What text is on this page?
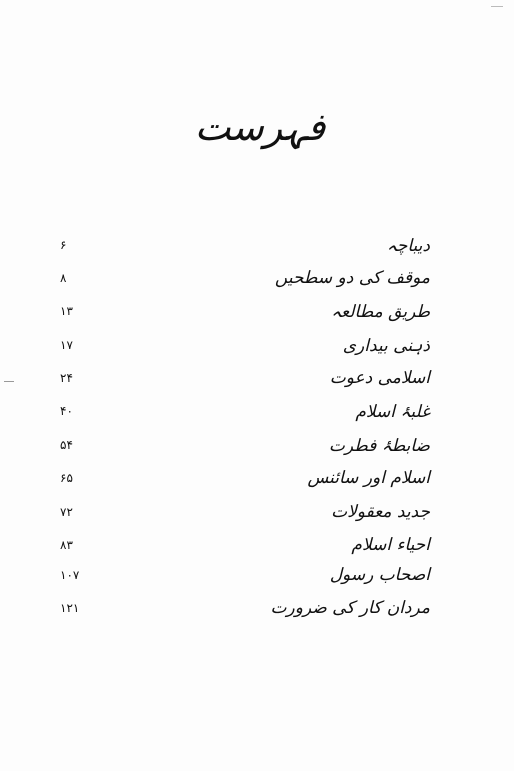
فہرست
۶	دیباچہ
۸	موقف کی دو سطحیں
۱۳	طریق مطالعہ
۱۷	ذہنی بیداری
۲۴	اسلامی دعوت
۴۰	غلبۂ اسلام
۵۴	ضابطۂ فطرت
۶۵	اسلام اور سائنس
۷۲	جدید معقولات
۸۳	احیاء اسلام
۱۰۷	اصحاب رسول
۱۲۱	مردان کار کی ضرورت
